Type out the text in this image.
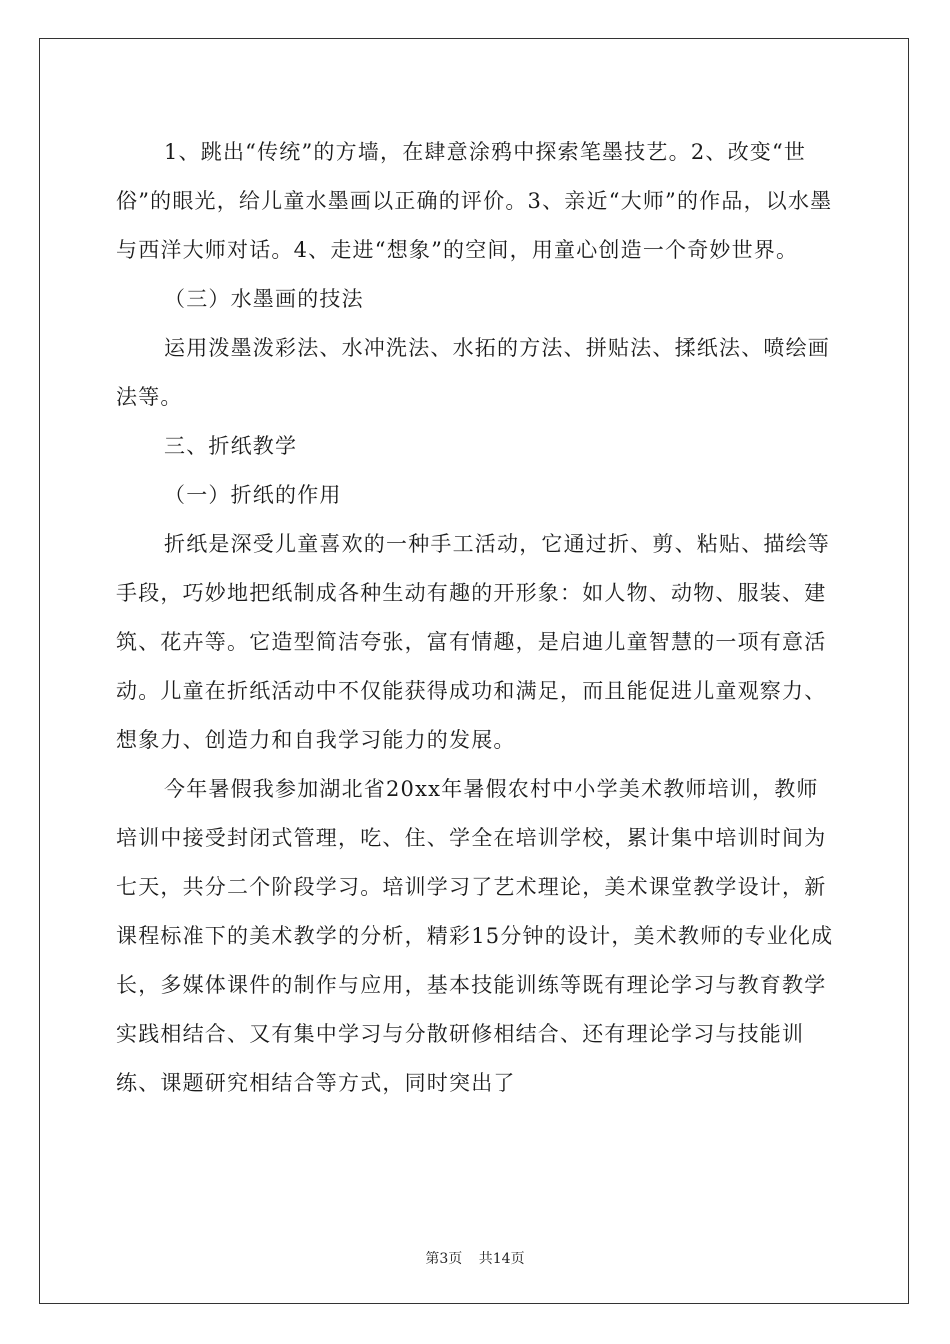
1、跳出“传统”的方墙，在肆意涂鸦中探索笔墨技艺。2、改变“世俗”的眼光，给儿童水墨画以正确的评价。3、亲近“大师”的作品，以水墨与西洋大师对话。4、走进“想象”的空间，用童心创造一个奇妙世界。

（三）水墨画的技法

运用泼墨泼彩法、水冲洗法、水拓的方法、拼贴法、揉纸法、喷绘画法等。

三、折纸教学

（一）折纸的作用

折纸是深受儿童喜欢的一种手工活动，它通过折、剪、粘贴、描绘等手段，巧妙地把纸制成各种生动有趣的开形象：如人物、动物、服装、建筑、花卉等。它造型简洁夸张，富有情趣，是启迪儿童智慧的一项有意活动。儿童在折纸活动中不仅能获得成功和满足，而且能促进儿童观察力、想象力、创造力和自我学习能力的发展。

今年暑假我参加湖北省20xx年暑假农村中小学美术教师培训，教师培训中接受封闭式管理，吃、住、学全在培训学校，累计集中培训时间为七天，共分二个阶段学习。培训学习了艺术理论，美术课堂教学设计，新课程标准下的美术教学的分析，精彩15分钟的设计，美术教师的专业化成长，多媒体课件的制作与应用，基本技能训练等既有理论学习与教育教学实践相结合、又有集中学习与分散研修相结合、还有理论学习与技能训练、课题研究相结合等方式，同时突出了

第3页 共14页
